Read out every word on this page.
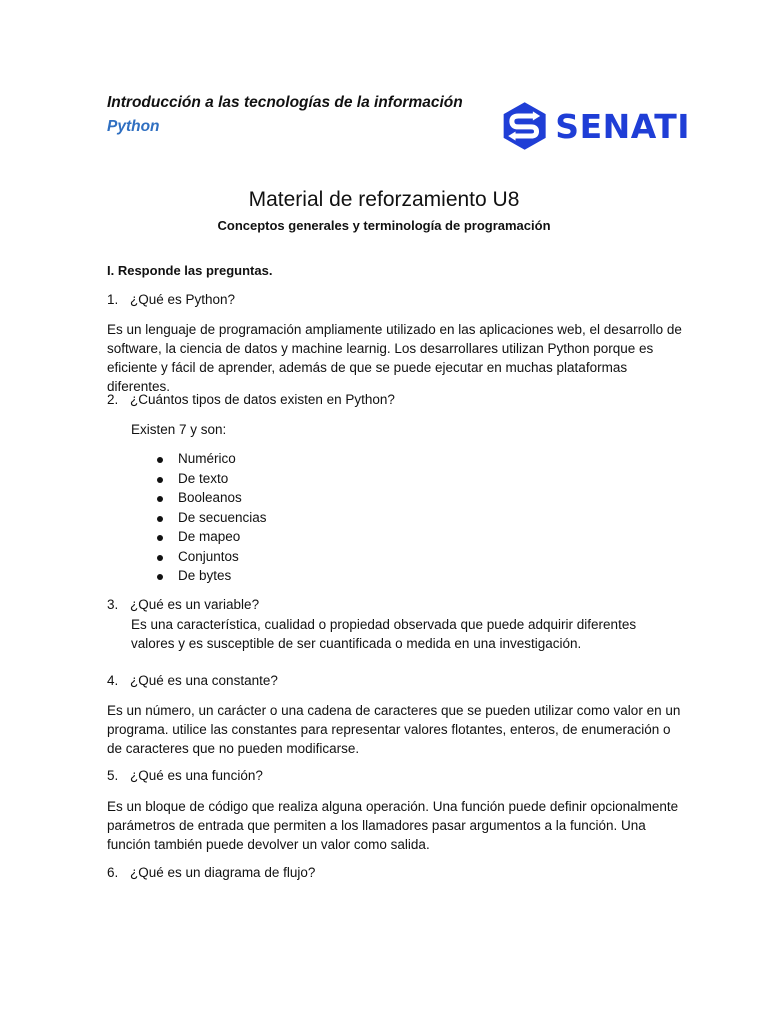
Introducción a las tecnologías de la información
Python	SENATI
Material de reforzamiento U8
Conceptos generales y terminología de programación
I. Responde las preguntas.
1. ¿Qué es Python?
Es un lenguaje de programación ampliamente utilizado en las aplicaciones web, el desarrollo de software, la ciencia de datos y machine learnig. Los desarrollares utilizan Python porque es eficiente y fácil de aprender, además de que se puede ejecutar en muchas plataformas diferentes.
2. ¿Cuántos tipos de datos existen en Python?
Existen 7 y son:
Numérico
De texto
Booleanos
De secuencias
De mapeo
Conjuntos
De bytes
3. ¿Qué es un variable?
Es una característica, cualidad o propiedad observada que puede adquirir diferentes valores y es susceptible de ser cuantificada o medida en una investigación.
4. ¿Qué es una constante?
Es un número, un carácter o una cadena de caracteres que se pueden utilizar como valor en un programa. utilice las constantes para representar valores flotantes, enteros, de enumeración o de caracteres que no pueden modificarse.
5. ¿Qué es una función?
Es un bloque de código que realiza alguna operación. Una función puede definir opcionalmente parámetros de entrada que permiten a los llamadores pasar argumentos a la función. Una función también puede devolver un valor como salida.
6. ¿Qué es un diagrama de flujo?
